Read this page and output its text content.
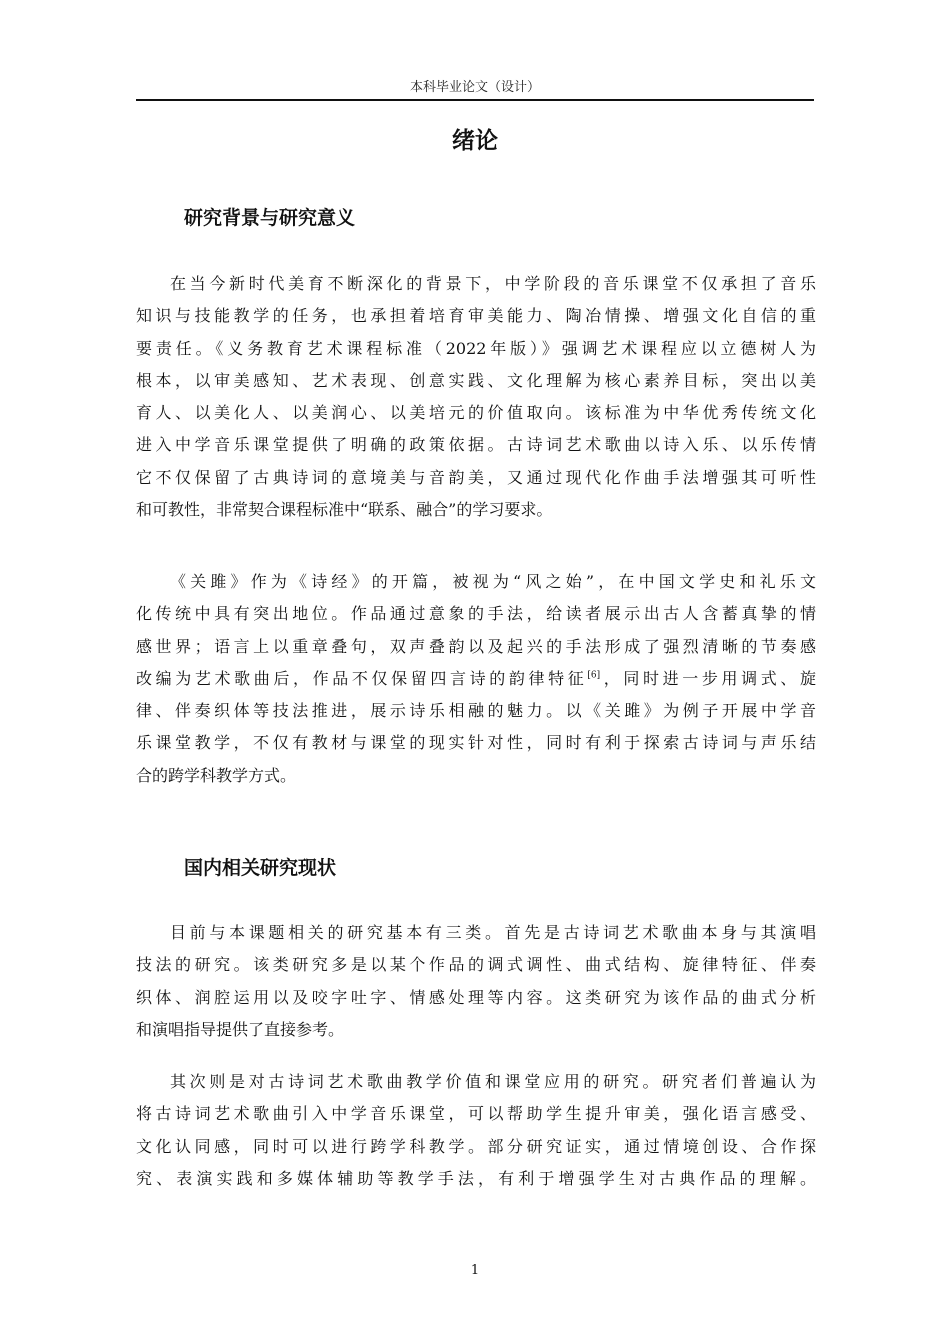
本科毕业论文（设计）
绪论
研究背景与研究意义
在当今新时代美育不断深化的背景下，中学阶段的音乐课堂不仅承担了音乐
知识与技能教学的任务，也承担着培育审美能力、陶冶情操、增强文化自信的重
要责任。《义务教育艺术课程标准（2022年版）》强调艺术课程应以立德树人为
根本，以审美感知、艺术表现、创意实践、文化理解为核心素养目标，突出以美
育人、以美化人、以美润心、以美培元的价值取向。该标准为中华优秀传统文化
进入中学音乐课堂提供了明确的政策依据。古诗词艺术歌曲以诗入乐、以乐传情
它不仅保留了古典诗词的意境美与音韵美，又通过现代化作曲手法增强其可听性
和可教性，非常契合课程标准中“联系、融合”的学习要求。
《关雎》作为《诗经》的开篇，被视为“风之始”，在中国文学史和礼乐文
化传统中具有突出地位。作品通过意象的手法，给读者展示出古人含蓄真挚的情
感世界；语言上以重章叠句，双声叠韵以及起兴的手法形成了强烈清晰的节奏感
改编为艺术歌曲后，作品不仅保留四言诗的韵律特征[6]，同时进一步用调式、旋
律、伴奏织体等技法推进，展示诗乐相融的魅力。以《关雎》为例子开展中学音
乐课堂教学，不仅有教材与课堂的现实针对性，同时有利于探索古诗词与声乐结
合的跨学科教学方式。
国内相关研究现状
目前与本课题相关的研究基本有三类。首先是古诗词艺术歌曲本身与其演唱
技法的研究。该类研究多是以某个作品的调式调性、曲式结构、旋律特征、伴奏
织体、润腔运用以及咬字吐字、情感处理等内容。这类研究为该作品的曲式分析
和演唱指导提供了直接参考。
其次则是对古诗词艺术歌曲教学价值和课堂应用的研究。研究者们普遍认为
将古诗词艺术歌曲引入中学音乐课堂，可以帮助学生提升审美，强化语言感受、
文化认同感，同时可以进行跨学科教学。部分研究证实，通过情境创设、合作探
究、表演实践和多媒体辅助等教学手法，有利于增强学生对古典作品的理解。
1
